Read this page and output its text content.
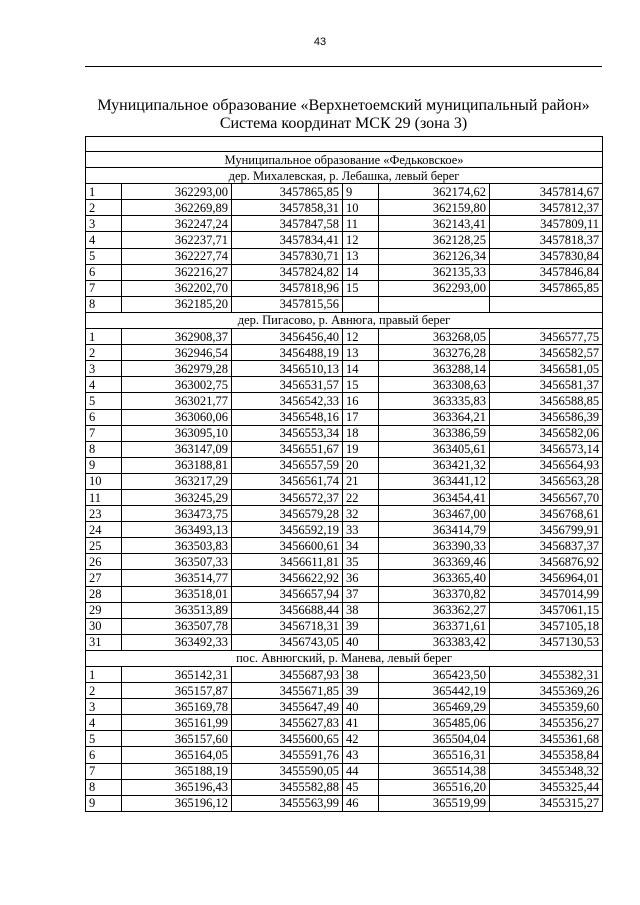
43
Муниципальное образование «Верхнетоемский муниципальный район»
Система координат МСК 29 (зона 3)

Муниципальное образование «Федьковское»					
дер. Михалевская, р. Лебашка, левый берег					
1	362293,00	3457865,85	9	362174,62	3457814,67
2	362269,89	3457858,31	10	362159,80	3457812,37
3	362247,24	3457847,58	11	362143,41	3457809,11
4	362237,71	3457834,41	12	362128,25	3457818,37
5	362227,74	3457830,71	13	362126,34	3457830,84
6	362216,27	3457824,82	14	362135,33	3457846,84
7	362202,70	3457818,96	15	362293,00	3457865,85
8	362185,20	3457815,56			
дер. Пигасово, р. Авнюга, правый берег					
1	362908,37	3456456,40	12	363268,05	3456577,75
2	362946,54	3456488,19	13	363276,28	3456582,57
3	362979,28	3456510,13	14	363288,14	3456581,05
4	363002,75	3456531,57	15	363308,63	3456581,37
5	363021,77	3456542,33	16	363335,83	3456588,85
6	363060,06	3456548,16	17	363364,21	3456586,39
7	363095,10	3456553,34	18	363386,59	3456582,06
8	363147,09	3456551,67	19	363405,61	3456573,14
9	363188,81	3456557,59	20	363421,32	3456564,93
10	363217,29	3456561,74	21	363441,12	3456563,28
11	363245,29	3456572,37	22	363454,41	3456567,70
23	363473,75	3456579,28	32	363467,00	3456768,61
24	363493,13	3456592,19	33	363414,79	3456799,91
25	363503,83	3456600,61	34	363390,33	3456837,37
26	363507,33	3456611,81	35	363369,46	3456876,92
27	363514,77	3456622,92	36	363365,40	3456964,01
28	363518,01	3456657,94	37	363370,82	3457014,99
29	363513,89	3456688,44	38	363362,27	3457061,15
30	363507,78	3456718,31	39	363371,61	3457105,18
31	363492,33	3456743,05	40	363383,42	3457130,53
пос. Авнюгский, р. Манева, левый берег					
1	365142,31	3455687,93	38	365423,50	3455382,31
2	365157,87	3455671,85	39	365442,19	3455369,26
3	365169,78	3455647,49	40	365469,29	3455359,60
4	365161,99	3455627,83	41	365485,06	3455356,27
5	365157,60	3455600,65	42	365504,04	3455361,68
6	365164,05	3455591,76	43	365516,31	3455358,84
7	365188,19	3455590,05	44	365514,38	3455348,32
8	365196,43	3455582,88	45	365516,20	3455325,44
9	365196,12	3455563,99	46	365519,99	3455315,27
